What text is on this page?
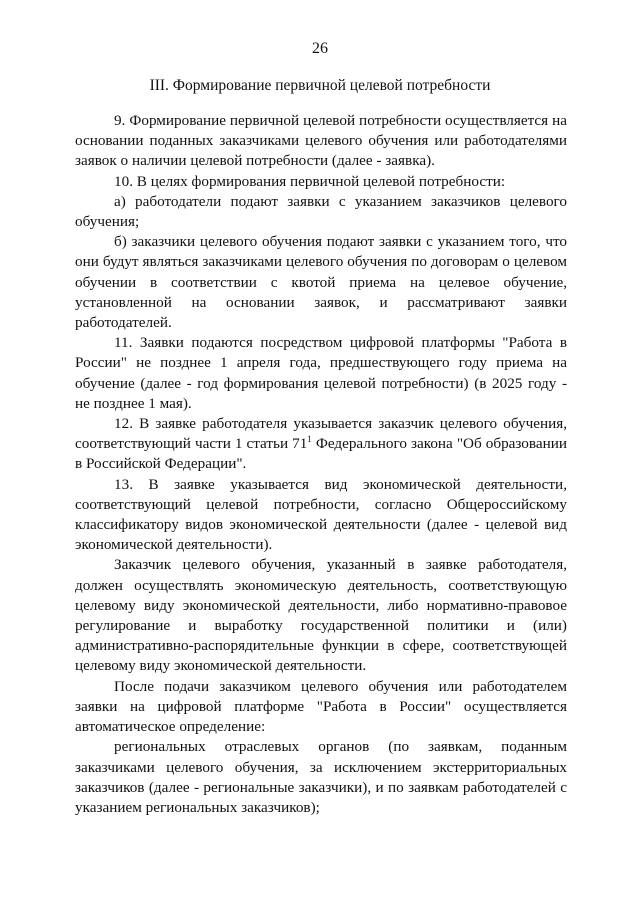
26
III. Формирование первичной целевой потребности

9. Формирование первичной целевой потребности осуществляется на основании поданных заказчиками целевого обучения или работодателями заявок о наличии целевой потребности (далее - заявка).

10. В целях формирования первичной целевой потребности:

а) работодатели подают заявки с указанием заказчиков целевого обучения;

б) заказчики целевого обучения подают заявки с указанием того, что они будут являться заказчиками целевого обучения по договорам о целевом обучении в соответствии с квотой приема на целевое обучение, установленной на основании заявок, и рассматривают заявки работодателей.

11. Заявки подаются посредством цифровой платформы "Работа в России" не позднее 1 апреля года, предшествующего году приема на обучение (далее - год формирования целевой потребности) (в 2025 году - не позднее 1 мая).

12. В заявке работодателя указывается заказчик целевого обучения, соответствующий части 1 статьи $71^1$ Федерального закона "Об образовании в Российской Федерации".

13. В заявке указывается вид экономической деятельности, соответствующий целевой потребности, согласно Общероссийскому классификатору видов экономической деятельности (далее - целевой вид экономической деятельности).

Заказчик целевого обучения, указанный в заявке работодателя, должен осуществлять экономическую деятельность, соответствующую целевому виду экономической деятельности, либо нормативно-правовое регулирование и выработку государственной политики и (или) административно-распорядительные функции в сфере, соответствующей целевому виду экономической деятельности.

После подачи заказчиком целевого обучения или работодателем заявки на цифровой платформе "Работа в России" осуществляется автоматическое определение:

региональных отраслевых органов (по заявкам, поданным заказчиками целевого обучения, за исключением экстерриториальных заказчиков (далее - региональные заказчики), и по заявкам работодателей с указанием региональных заказчиков);
